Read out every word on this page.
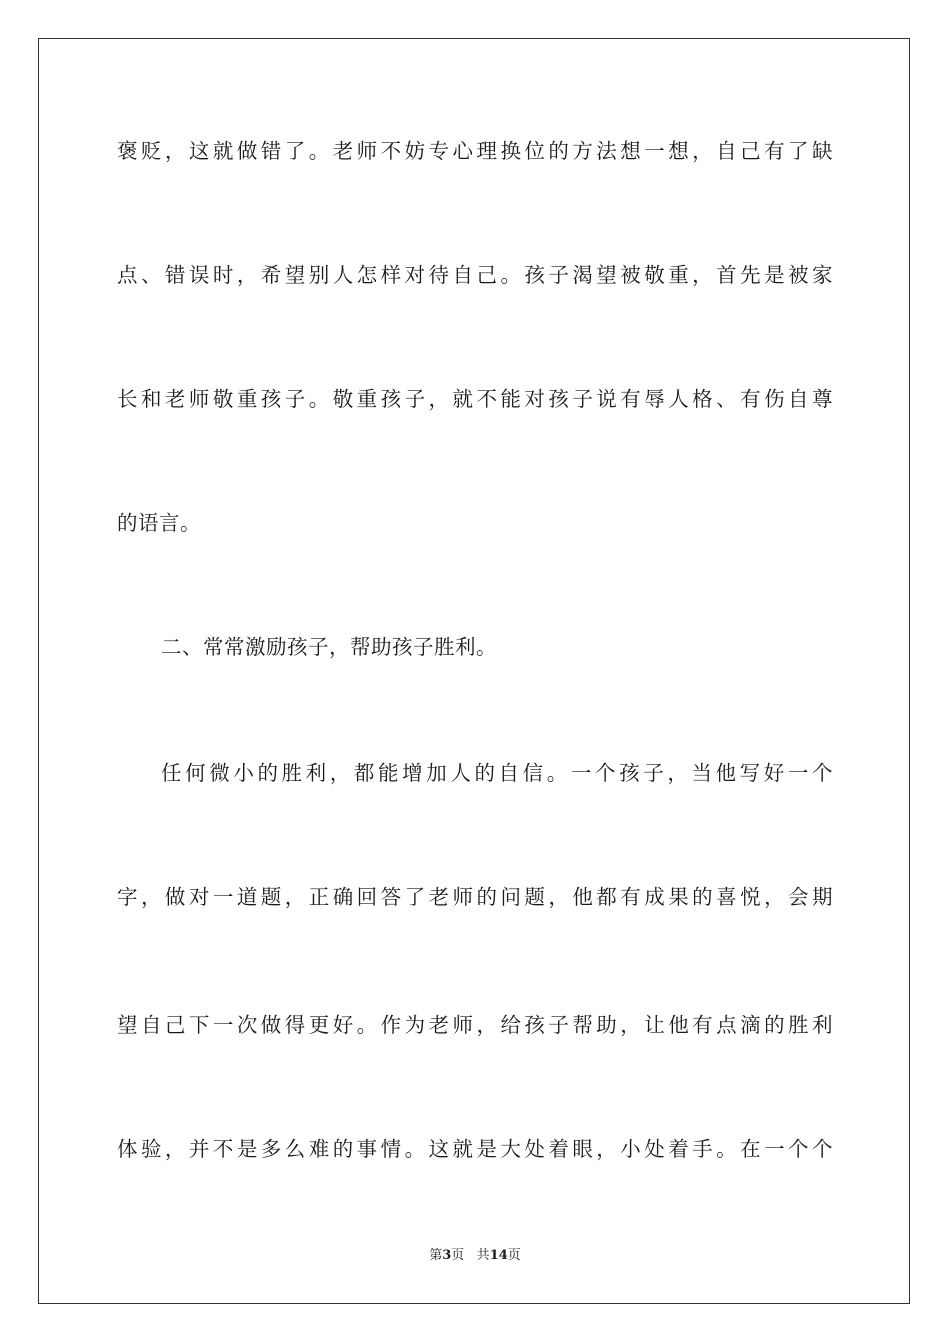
褒贬，这就做错了。老师不妨专心理换位的方法想一想，自己有了缺

点、错误时，希望别人怎样对待自己。孩子渴望被敬重，首先是被家

长和老师敬重孩子。敬重孩子，就不能对孩子说有辱人格、有伤自尊

的语言。

二、常常激励孩子，帮助孩子胜利。

任何微小的胜利，都能增加人的自信。一个孩子，当他写好一个

字，做对一道题，正确回答了老师的问题，他都有成果的喜悦，会期

望自己下一次做得更好。作为老师，给孩子帮助，让他有点滴的胜利

体验，并不是多么难的事情。这就是大处着眼，小处着手。在一个个

第3页 共14页
